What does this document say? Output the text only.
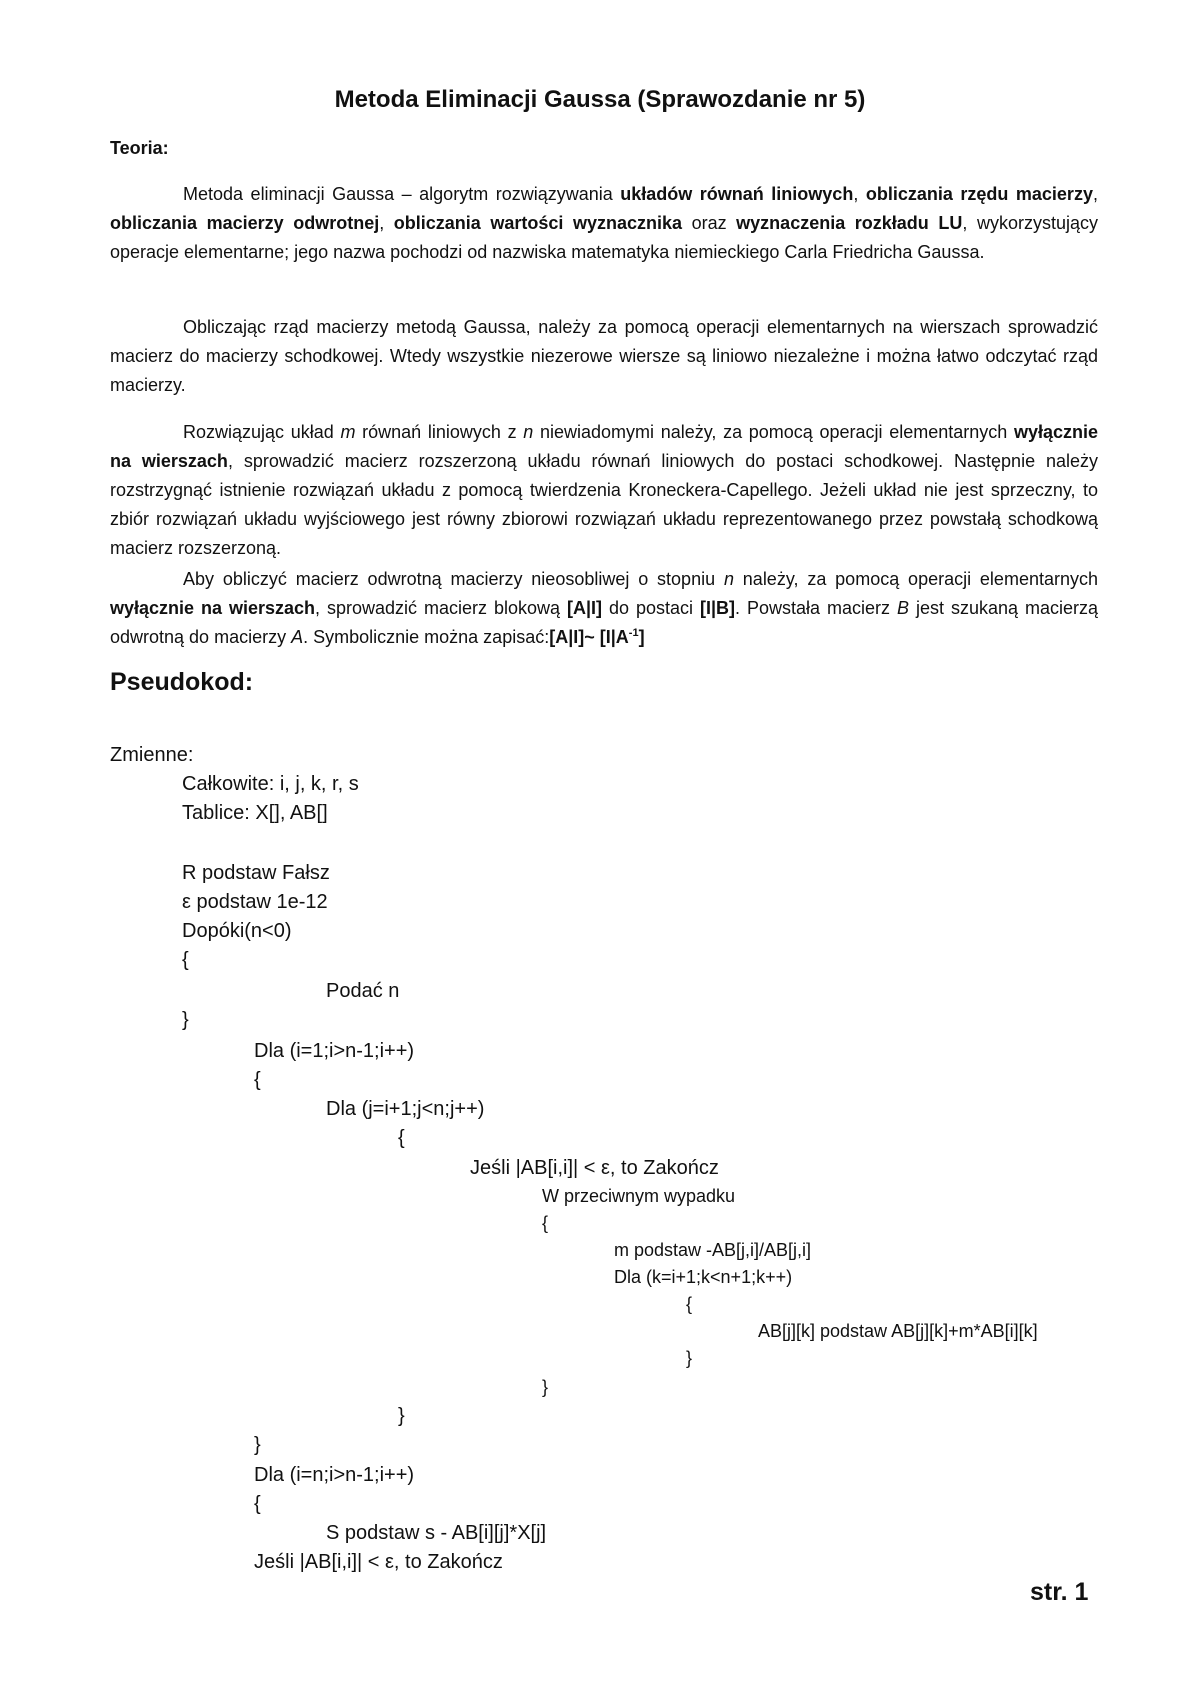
Metoda Eliminacji Gaussa (Sprawozdanie nr 5)
Teoria:
Metoda eliminacji Gaussa – algorytm rozwiązywania układów równań liniowych, obliczania rzędu macierzy, obliczania macierzy odwrotnej, obliczania wartości wyznacznika oraz wyznaczenia rozkładu LU, wykorzystujący operacje elementarne; jego nazwa pochodzi od nazwiska matematyka niemieckiego Carla Friedricha Gaussa.
Obliczając rząd macierzy metodą Gaussa, należy za pomocą operacji elementarnych na wierszach sprowadzić macierz do macierzy schodkowej. Wtedy wszystkie niezerowe wiersze są liniowo niezależne i można łatwo odczytać rząd macierzy.
Rozwiązując układ m równań liniowych z n niewiadomymi należy, za pomocą operacji elementarnych wyłącznie na wierszach, sprowadzić macierz rozszerzoną układu równań liniowych do postaci schodkowej. Następnie należy rozstrzygnąć istnienie rozwiązań układu z pomocą twierdzenia Kroneckera-Capellego. Jeżeli układ nie jest sprzeczny, to zbiór rozwiązań układu wyjściowego jest równy zbiorowi rozwiązań układu reprezentowanego przez powstałą schodkową macierz rozszerzoną.
Aby obliczyć macierz odwrotną macierzy nieosobliwej o stopniu n należy, za pomocą operacji elementarnych wyłącznie na wierszach, sprowadzić macierz blokową [A|I] do postaci [I|B]. Powstała macierz B jest szukaną macierzą odwrotną do macierzy A. Symbolicznie można zapisać:[A|I]~ $[I|A^{-1}]$
Pseudokod:
Zmienne:
Całkowite: i, j, k, r, s
Tablice: X[], AB[]
R podstaw Fałsz
ε podstaw 1e-12
Dopóki(n<0)
{
Podać n
}
Dla (i=1;i>n-1;i++)
{
Dla (j=i+1;j<n;j++)
{
Jeśli |AB[i,i]| < ε, to Zakończ
W przeciwnym wypadku
{
m podstaw -AB[j,i]/AB[j,i]
Dla (k=i+1;k<n+1;k++)
{
AB[j][k] podstaw AB[j][k]+m*AB[i][k]
}
}
}
}
Dla (i=n;i>n-1;i++)
{
S podstaw s - AB[i][j]*X[j]
Jeśli |AB[i,i]| < ε, to Zakończ
str. 1
